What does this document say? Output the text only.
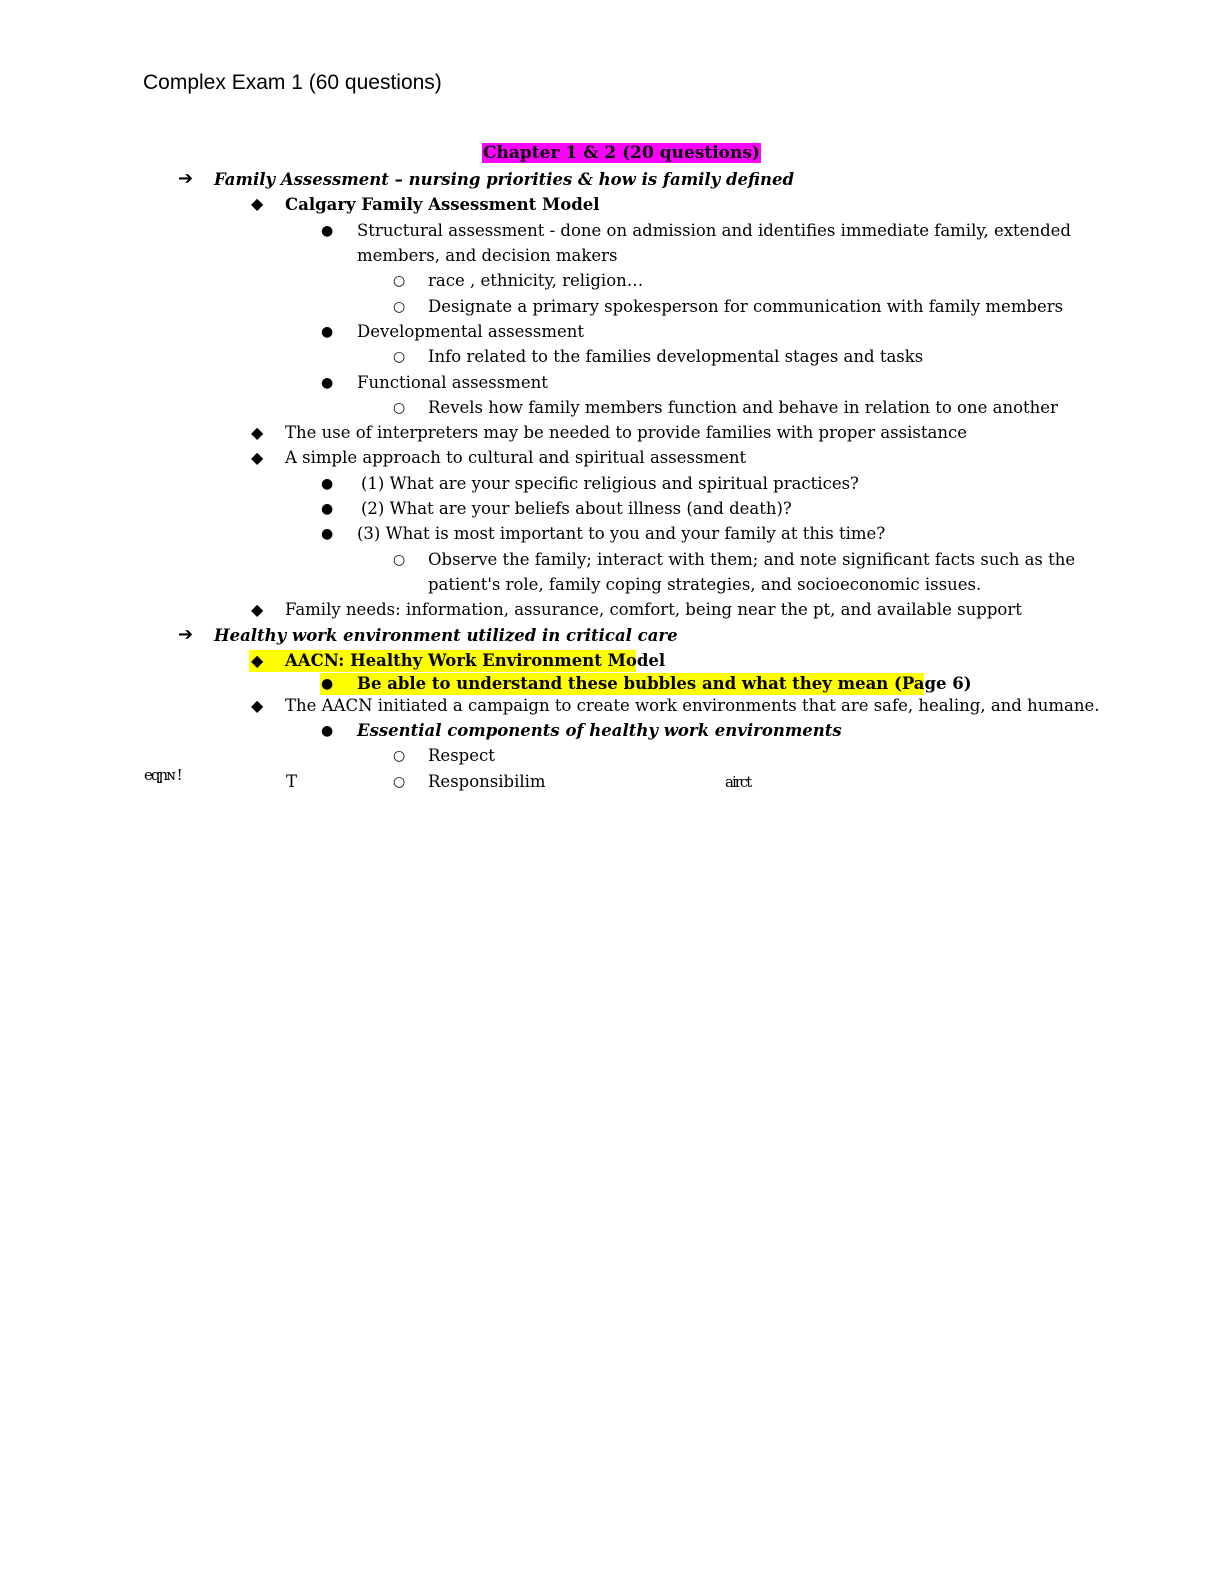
Complex Exam 1 (60 questions)
Chapter 1 & 2 (20 questions)
➔ Family Assessment – nursing priorities & how is family defined
◆ Calgary Family Assessment Model
● Structural assessment - done on admission and identifies immediate family, extended
members, and decision makers
○ race , ethnicity, religion…
○ Designate a primary spokesperson for communication with family members
● Developmental assessment
○ Info related to the families developmental stages and tasks
● Functional assessment
○ Revels how family members function and behave in relation to one another
◆ The use of interpreters may be needed to provide families with proper assistance
◆ A simple approach to cultural and spiritual assessment
● (1) What are your specific religious and spiritual practices?
● (2) What are your beliefs about illness (and death)?
● (3) What is most important to you and your family at this time?
○ Observe the family; interact with them; and note significant facts such as the
patient's role, family coping strategies, and socioeconomic issues.
◆ Family needs: information, assurance, comfort, being near the pt, and available support
➔ Healthy work environment utilized in critical care
◆ AACN: Healthy Work Environment Model
● Be able to understand these bubbles and what they mean (Page 6)
◆ The AACN initiated a campaign to create work environments that are safe, healing, and humane.
● Essential components of healthy work environments
○ Respect
○ Responsibilim
eɋɲɴ !	T	airct
